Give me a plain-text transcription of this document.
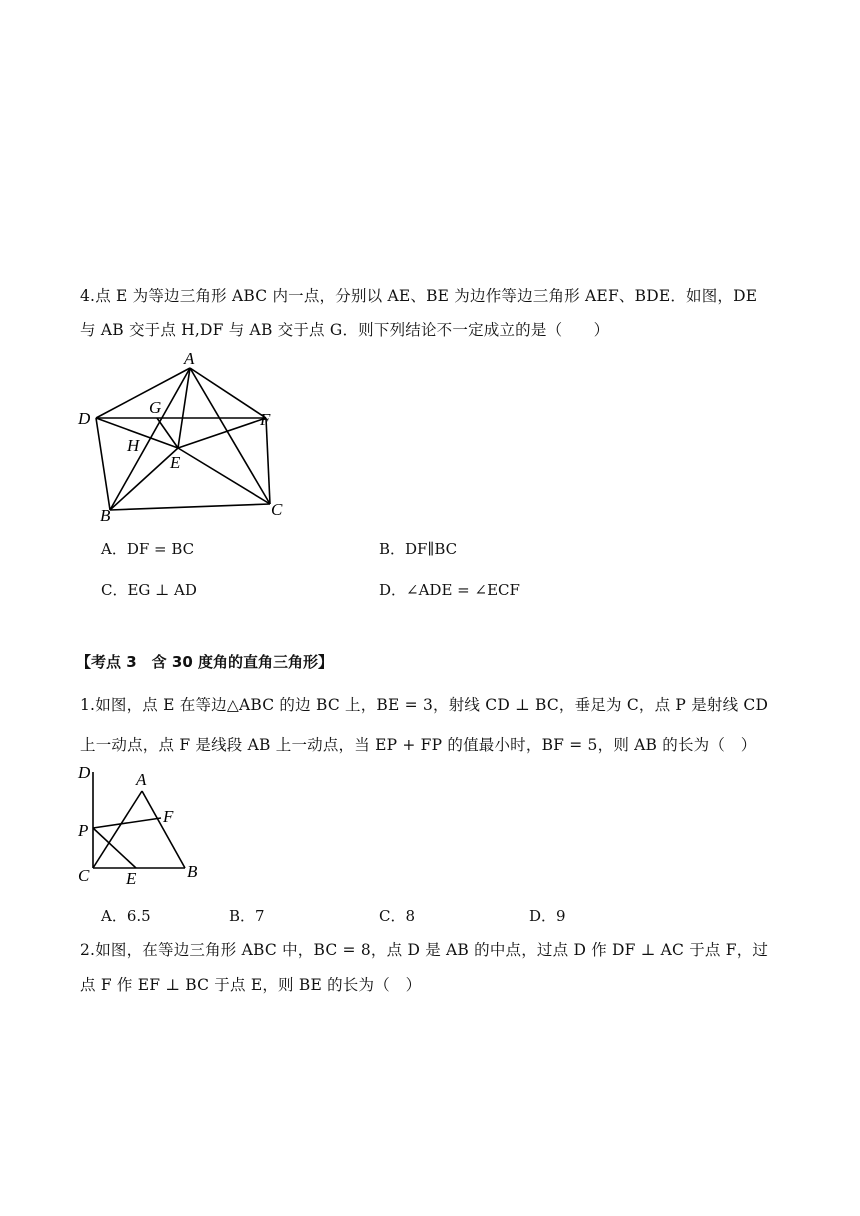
4.点 E 为等边三角形 ABC 内一点，分别以 AE、BE 为边作等边三角形 AEF、BDE．如图，DE
与 AB 交于点 H,DF 与 AB 交于点 G．则下列结论不一定成立的是（　　）
A
D
G
F
H
E
B	C
A．DF = BC	B．DF∥BC
C．EG ⊥ AD	D．∠ADE = ∠ECF
【考点 3　含 30 度角的直角三角形】
1.如图，点 E 在等边△ABC 的边 BC 上，BE = 3，射线 CD ⊥ BC，垂足为 C，点 P 是射线 CD
上一动点，点 F 是线段 AB 上一动点，当 EP + FP 的值最小时，BF = 5，则 AB 的长为（　）
D	A
F
P
C E	B
A．6.5	B．7	C．8	D．9
2.如图，在等边三角形 ABC 中，BC = 8，点 D 是 AB 的中点，过点 D 作 DF ⊥ AC 于点 F，过
点 F 作 EF ⊥ BC 于点 E，则 BE 的长为（　）
